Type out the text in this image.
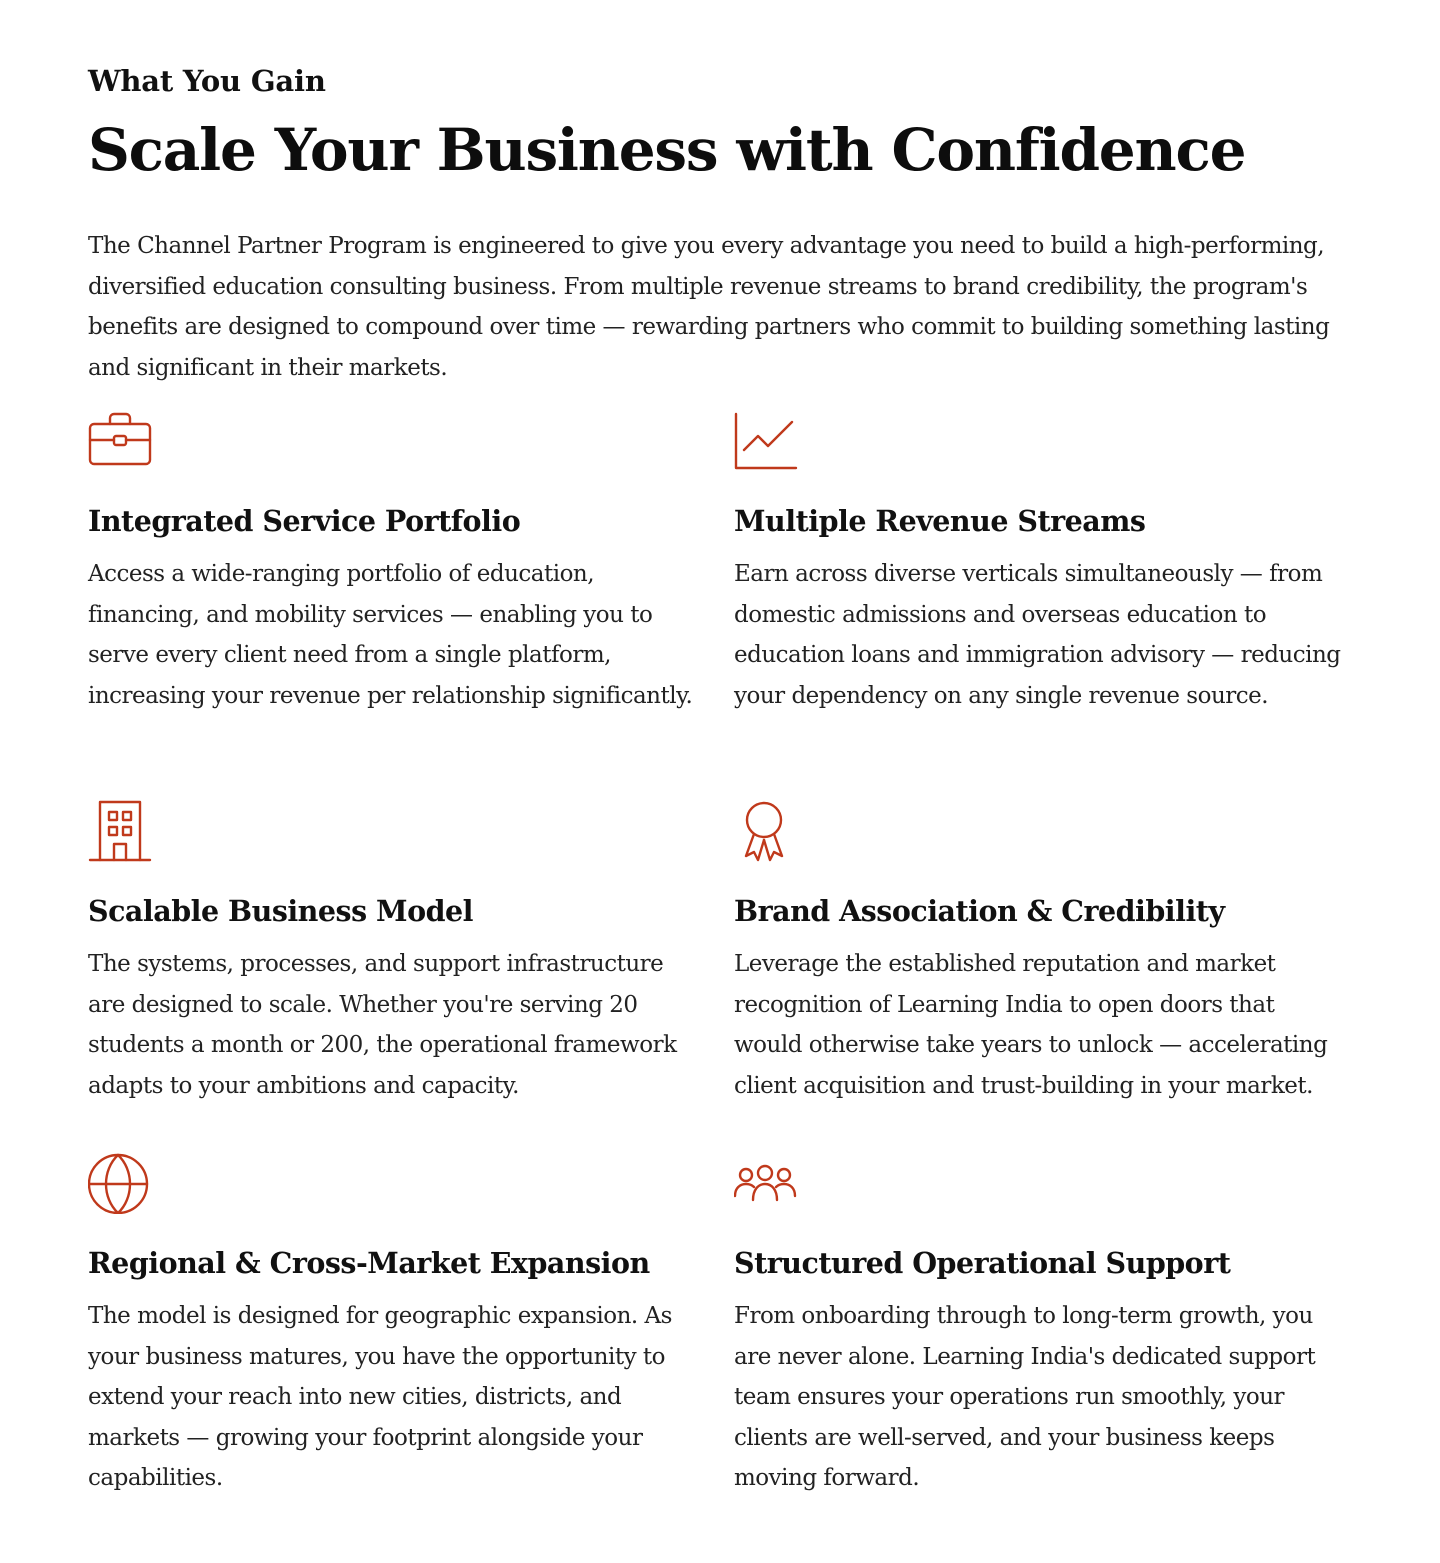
What You Gain
Scale Your Business with Confidence

The Channel Partner Program is engineered to give you every advantage you need to build a high-performing, diversified education consulting business. From multiple revenue streams to brand credibility, the program's benefits are designed to compound over time — rewarding partners who commit to building something lasting and significant in their markets.

Integrated Service Portfolio

Access a wide-ranging portfolio of education, financing, and mobility services — enabling you to serve every client need from a single platform, increasing your revenue per relationship significantly.

Multiple Revenue Streams

Earn across diverse verticals simultaneously — from domestic admissions and overseas education to education loans and immigration advisory — reducing your dependency on any single revenue source.

Scalable Business Model

The systems, processes, and support infrastructure are designed to scale. Whether you're serving 20 students a month or 200, the operational framework adapts to your ambitions and capacity.

Brand Association & Credibility

Leverage the established reputation and market recognition of Learning India to open doors that would otherwise take years to unlock — accelerating client acquisition and trust-building in your market.

Regional & Cross-Market Expansion

The model is designed for geographic expansion. As your business matures, you have the opportunity to extend your reach into new cities, districts, and markets — growing your footprint alongside your capabilities.

Structured Operational Support

From onboarding through to long-term growth, you are never alone. Learning India's dedicated support team ensures your operations run smoothly, your clients are well-served, and your business keeps moving forward.
